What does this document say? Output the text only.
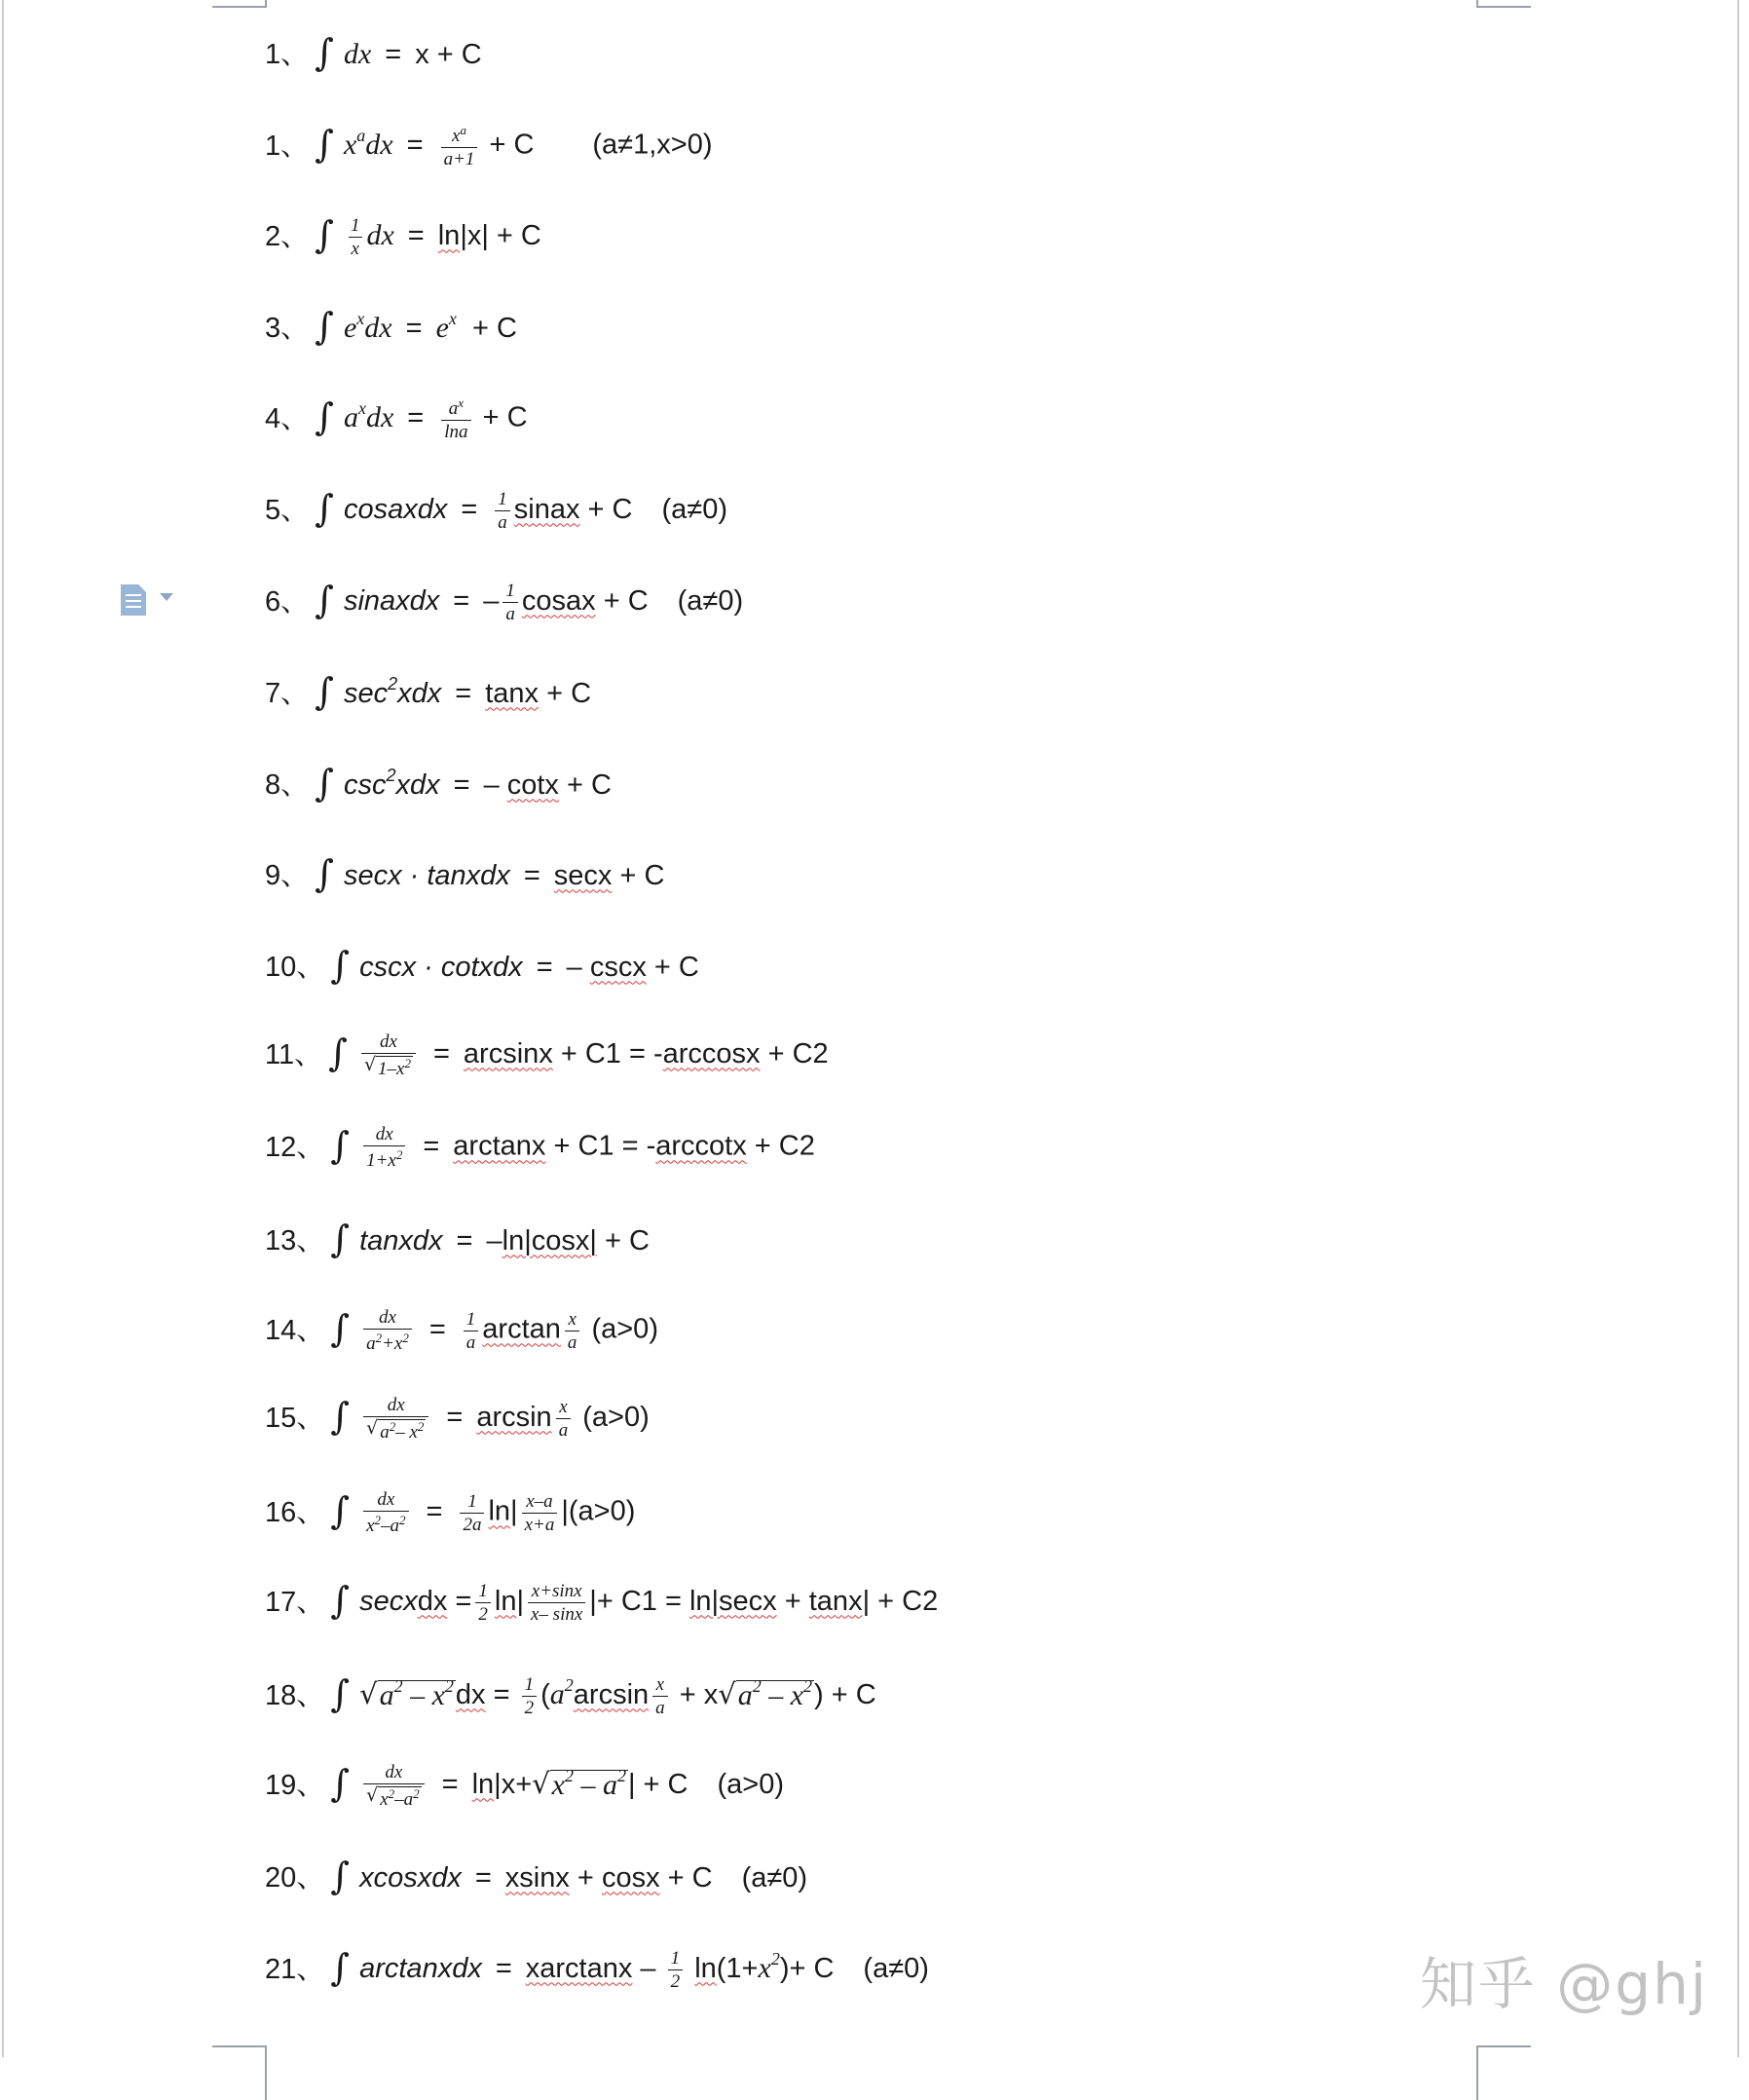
1 、 ∫ dx = x + C
1 、 ∫ $x^adx = \frac{x^a}{a+1} + C$ (a≠1,x>0)
2 、 ∫ $\frac{1}{x}$ dx = ln|x| + C
3 、 ∫ $e^xdx = e^x + C$
4 、 ∫ $a^xdx = \frac{a^x}{\ln a} + C$
5 、 ∫ cosaxdx = $\frac{1}{a}$ sinax + C (a≠0)
6 、 ∫ sinaxdx = – $\frac{1}{a}$ cosax + C (a≠0)
7 、 ∫ $\sec^2xdx = \tan x + C$
8 、 ∫ $\csc^2xdx$ = – cotx + C
9 、 ∫ secx · tanxdx = secx + C
10 、 ∫ cscx · cotxdx = – cscx + C
11 、 ∫ $\frac{dx}{√ 1-x^2} = \arcsin x + C1 = -\arccos x + C2$
12 、 ∫ $\frac{dx}{1+x^2} = \arctan x + C1 = -arccotx + C2$
13 、 ∫ tanxdx = –ln|cosx| + C
14 、 ∫ $\frac{dx}{a^2+x^2} = \frac{1}{a}$ $\arctan \frac{x}{a} (a>0)$
15 、 ∫ $\frac{dx}{√ a^2- x^2} = \arcsin \frac{x}{a} (a>0)$
16 、 ∫ $\frac{dx}{x^2-a^2} = \frac{1}{2a} \ln| \frac{x-a}{x+a} |(a>0)$
17 、 ∫ secxdx = $\frac{1}{2} \ln| \frac{x+\sin x}{x- \sin x}$ |+ C1 = ln|secx + tanx| + C2
18 、 ∫ √ $a^2 - x^2$ dx = $\frac{1}{2} (a^2\arcsin \frac{x}{a} + x$ √ $a^2 - x^2$ ) + C
19 、 ∫ $\frac{dx}{√ x^2-a^2} = \ln|x+$ √ $x^2 - a^2$ | + C (a>0)
20 、 ∫ xcosxdx = xsinx + cosx + C (a≠0)
21 、 ∫ arctanxdx = $xarctanx - \frac{1}{2} \ln(1+x^2)+ C$ (a≠0)	知乎 @ghj
